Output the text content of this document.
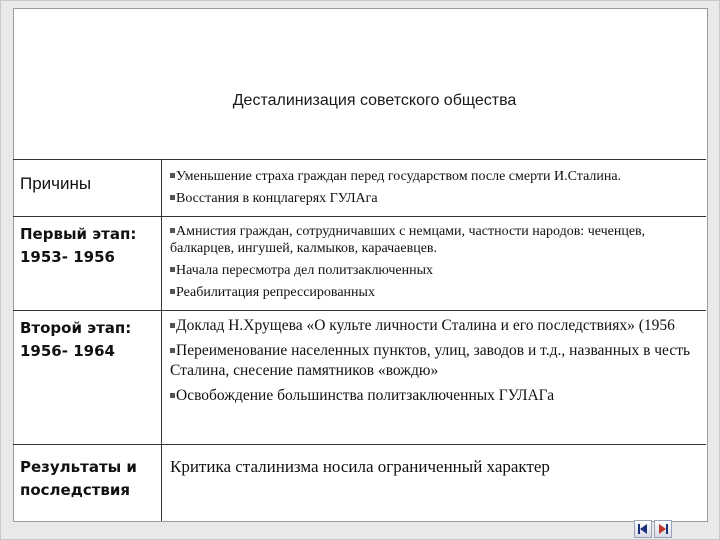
Десталинизация советского общества
Причины	Уменьшение страха граждан перед государством после смерти И.Сталина.

Восстания в концлагерях ГУЛАга

Первый этап:
1953- 1956

Амнистия граждан, сотрудничавших с немцами, частности народов: чеченцев, балкарцев, ингушей, калмыков, карачаевцев.

Начала пересмотра дел политзаключенных

Реабилитация репрессированных

Второй этап:
1956- 1964

Доклад Н.Хрущева «О культе личности Сталина и его последствиях» (1956

Переименование населенных пунктов, улиц, заводов и т.д., названных в честь Сталина, снесение памятников «вождю»

Освобождение большинства политзаключенных ГУЛАГа

Результаты и
последствия
Критика сталинизма носила ограниченный характер
